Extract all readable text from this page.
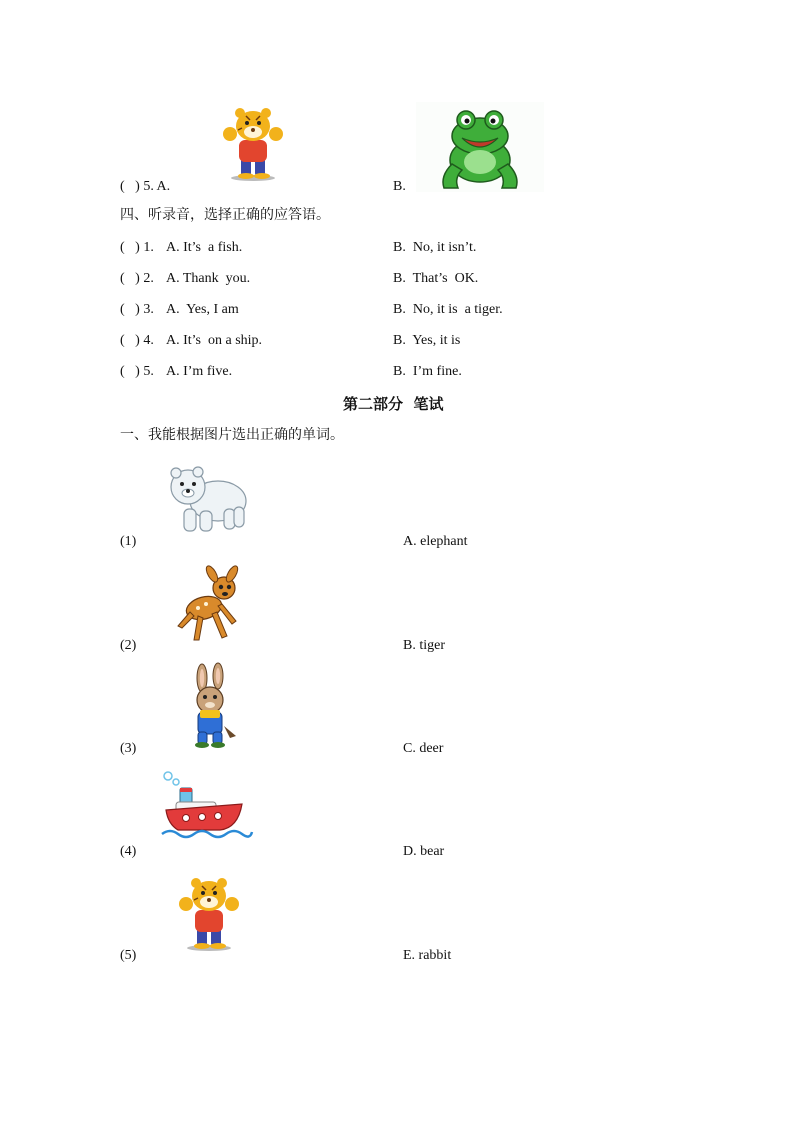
(   ) 5. A.	B.
四、听录音，选择正确的应答语。
(   ) 1. A. It’s  a fish.	B.  No, it isn’t.
(   ) 2. A. Thank  you.	B.  That’s  OK.
(   ) 3. A.  Yes, I am	B.  No, it is  a tiger.
(   ) 4. A. It’s  on a ship.	B.  Yes, it is
(   ) 5. A. I’m five.	B.  I’m fine.
第二部分  笔试
一、我能根据图片选出正确的单词。
(1)	A. elephant
(2)	B. tiger
(3)	C. deer
(4)	D. bear
(5)	E. rabbit
